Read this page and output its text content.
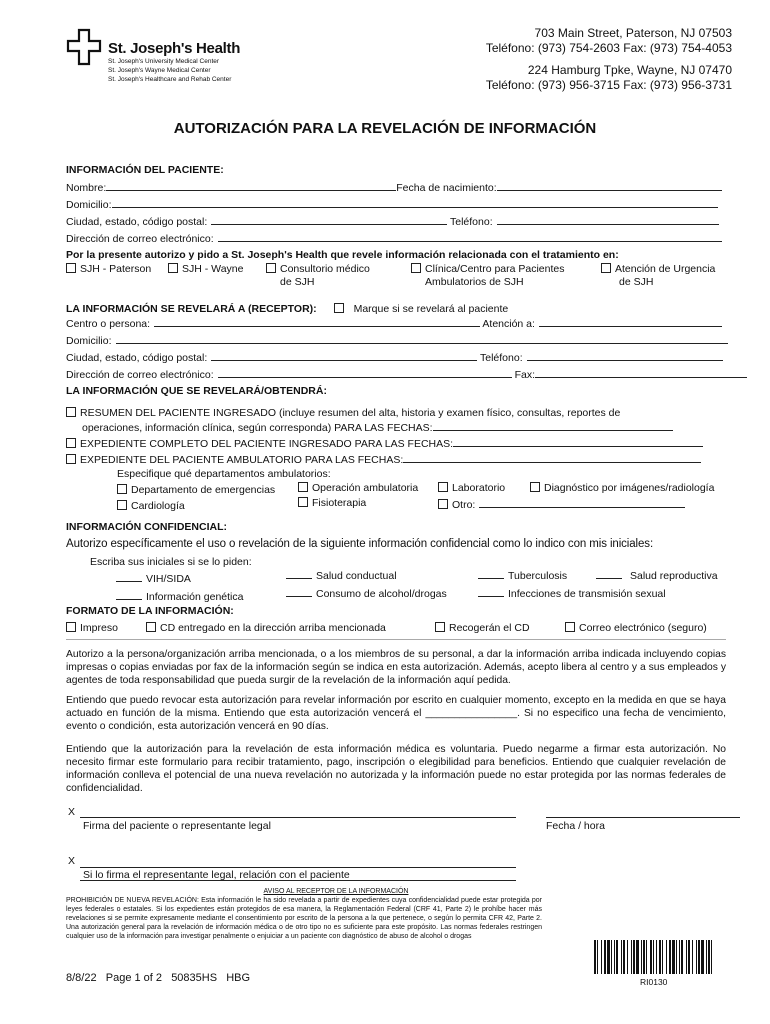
St. Joseph's Health
St. Joseph's University Medical Center
St. Joseph's Wayne Medical Center
St. Joseph's Healthcare and Rehab Center
703 Main Street, Paterson, NJ 07503
Teléfono: (973) 754-2603 Fax: (973) 754-4053
224 Hamburg Tpke, Wayne, NJ 07470
Teléfono: (973) 956-3715 Fax: (973) 956-3731
AUTORIZACIÓN PARA LA REVELACIÓN DE INFORMACIÓN
INFORMACIÓN DEL PACIENTE:
Nombre:	Fecha de nacimiento:
Domicilio:
Ciudad, estado, código postal:	Teléfono:
Dirección de correo electrónico:
Por la presente autorizo y pido a St. Joseph's Health que revele información relacionada con el tratamiento en:
SJH - Paterson	SJH - Wayne	Consultorio médico
de SJH
Clínica/Centro para Pacientes
Ambulatorios de SJH
Atención de Urgencia
de SJH
LA INFORMACIÓN SE REVELARÁ A (RECEPTOR):	Marque si se revelará al paciente
Centro o persona:	Atención a:
Domicilio:
Ciudad, estado, código postal:	Teléfono:
Dirección de correo electrónico:	Fax:
LA INFORMACIÓN QUE SE REVELARÁ/OBTENDRÁ:
RESUMEN DEL PACIENTE INGRESADO (incluye resumen del alta, historia y examen físico, consultas, reportes de
operaciones, información clínica, según corresponda) PARA LAS FECHAS:
EXPEDIENTE COMPLETO DEL PACIENTE INGRESADO PARA LAS FECHAS:
EXPEDIENTE DEL PACIENTE AMBULATORIO PARA LAS FECHAS:
Especifique qué departamentos ambulatorios:
Departamento de emergencias	Operación ambulatoria	Laboratorio	Diagnóstico por imágenes/radiología
Cardiología	Fisioterapia	Otro:
INFORMACIÓN CONFIDENCIAL:
Autorizo específicamente el uso o revelación de la siguiente información confidencial como lo indico con mis iniciales:
Escriba sus iniciales si se lo piden:
VIH/SIDA
Información genética
Salud conductual
Consumo de alcohol/drogas
Tuberculosis
Infecciones de transmisión sexual
Salud reproductiva
FORMATO DE LA INFORMACIÓN:
Impreso	CD entregado en la dirección arriba mencionada	Recogerán el CD	Correo electrónico (seguro)
Autorizo a la persona/organización arriba mencionada, o a los miembros de su personal, a dar la información arriba indicada incluyendo copias impresas o copias enviadas por fax de la información según se indica en esta autorización. Además, acepto libera al centro y a sus empleados y agentes de toda responsabilidad que pueda surgir de la revelación de la información aquí pedida.
Entiendo que puedo revocar esta autorización para revelar información por escrito en cualquier momento, excepto en la medida en que se haya actuado en función de la misma. Entiendo que esta autorización vencerá el ________________. Si no especifico una fecha de vencimiento, evento o condición, esta autorización vencerá en 90 días.
Entiendo que la autorización para la revelación de esta información médica es voluntaria. Puedo negarme a firmar esta autorización. No necesito firmar este formulario para recibir tratamiento, pago, inscripción o elegibilidad para beneficios. Entiendo que cualquier revelación de información conlleva el potencial de una nueva revelación no autorizada y la información puede no estar protegida por las normas federales de confidencialidad.
X
Firma del paciente o representante legal	Fecha / hora
X
Si lo firma el representante legal, relación con el paciente
AVISO AL RECEPTOR DE LA INFORMACIÓN
PROHIBICIÓN DE NUEVA REVELACIÓN: Esta información le ha sido revelada a partir de expedientes cuya confidencialidad puede estar protegida por leyes federales o estatales. Si los expedientes están protegidos de esa manera, la Reglamentación Federal (CRF 41, Parte 2) le prohíbe hacer más revelaciones si se permite expresamente mediante el consentimiento por escrito de la persona a la que pertenece, o según lo permita CFR 42, Parte 2. Una autorización general para la revelación de información médica o de otro tipo no es suficiente para este propósito. Las normas federales restringen cualquier uso de la información para investigar penalmente o enjuiciar a un paciente con diagnóstico de abuso de alcohol o drogas
8/8/22   Page 1 of 2   50835HS   HBG	RI0130
